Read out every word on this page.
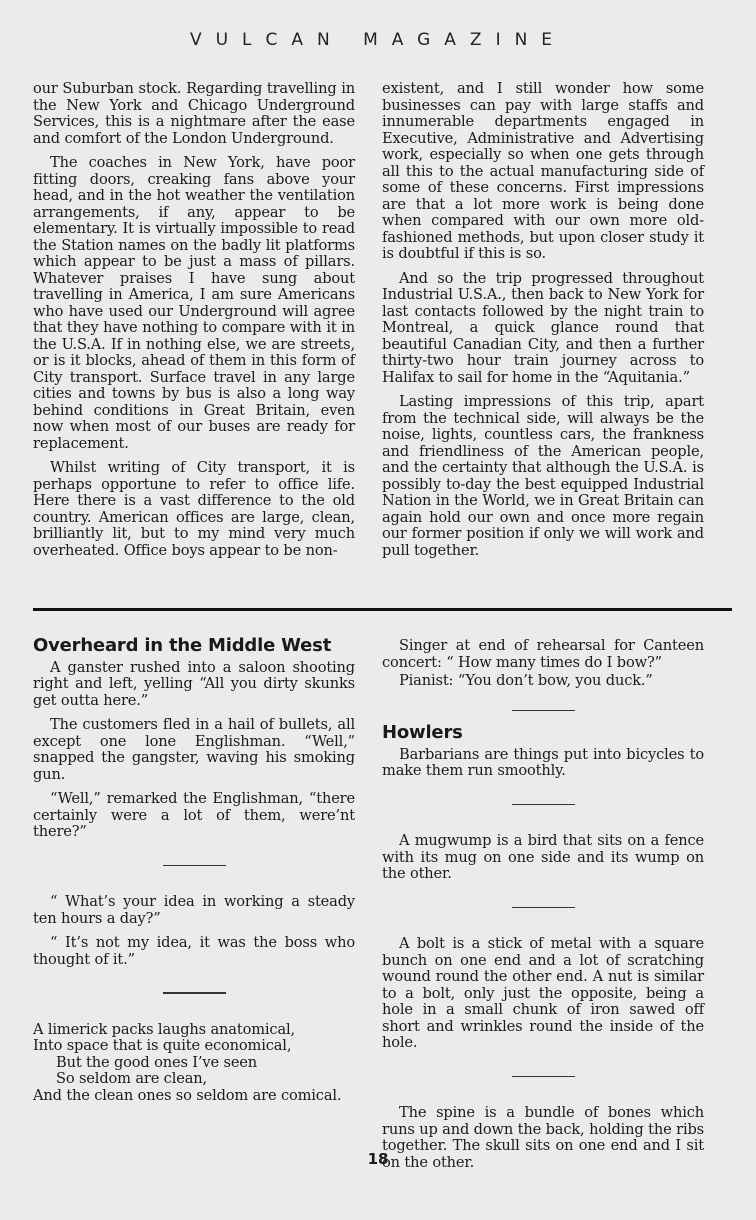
VULCAN MAGAZINE

our Suburban stock. Regarding travelling in the New York and Chicago Underground Services, this is a nightmare after the ease and comfort of the London Underground.

The coaches in New York, have poor fitting doors, creaking fans above your head, and in the hot weather the ventilation arrangements, if any, appear to be elementary. It is virtually impossible to read the Station names on the badly lit platforms which appear to be just a mass of pillars. Whatever praises I have sung about travelling in America, I am sure Americans who have used our Underground will agree that they have nothing to compare with it in the U.S.A. If in nothing else, we are streets, or is it blocks, ahead of them in this form of City transport. Surface travel in any large cities and towns by bus is also a long way behind conditions in Great Britain, even now when most of our buses are ready for replacement.

Whilst writing of City transport, it is perhaps opportune to refer to office life. Here there is a vast difference to the old country. American offices are large, clean, brilliantly lit, but to my mind very much overheated. Office boys appear to be non-

existent, and I still wonder how some businesses can pay with large staffs and innumerable departments engaged in Executive, Administrative and Advertising work, especially so when one gets through all this to the actual manufacturing side of some of these concerns. First impressions are that a lot more work is being done when compared with our own more old-fashioned methods, but upon closer study it is doubtful if this is so.

And so the trip progressed throughout Industrial U.S.A., then back to New York for last contacts followed by the night train to Montreal, a quick glance round that beautiful Canadian City, and then a further thirty-two hour train journey across to Halifax to sail for home in the “Aquitania.”

Lasting impressions of this trip, apart from the technical side, will always be the noise, lights, countless cars, the frankness and friendliness of the American people, and the certainty that although the U.S.A. is possibly to-day the best equipped Industrial Nation in the World, we in Great Britain can again hold our own and once more regain our former position if only we will work and pull together.

Overheard in the Middle West

A ganster rushed into a saloon shooting right and left, yelling “All you dirty skunks get outta here.”

The customers fled in a hail of bullets, all except one lone Englishman. “Well,” snapped the gangster, waving his smoking gun.

“Well,” remarked the Englishman, “there certainly were a lot of them, were’nt there?”

“ What’s your idea in working a steady ten hours a day?”

“ It’s not my idea, it was the boss who thought of it.”

A limerick packs laughs anatomical,
Into space that is quite economical,
But the good ones I’ve seen
So seldom are clean,
And the clean ones so seldom are comical.

Singer at end of rehearsal for Canteen concert: “ How many times do I bow?”

Pianist: “You don’t bow, you duck.”

Howlers

Barbarians are things put into bicycles to make them run smoothly.

A mugwump is a bird that sits on a fence with its mug on one side and its wump on the other.

A bolt is a stick of metal with a square bunch on one end and a lot of scratching wound round the other end. A nut is similar to a bolt, only just the opposite, being a hole in a small chunk of iron sawed off short and wrinkles round the inside of the hole.

The spine is a bundle of bones which runs up and down the back, holding the ribs together. The skull sits on one end and I sit on the other.

18
